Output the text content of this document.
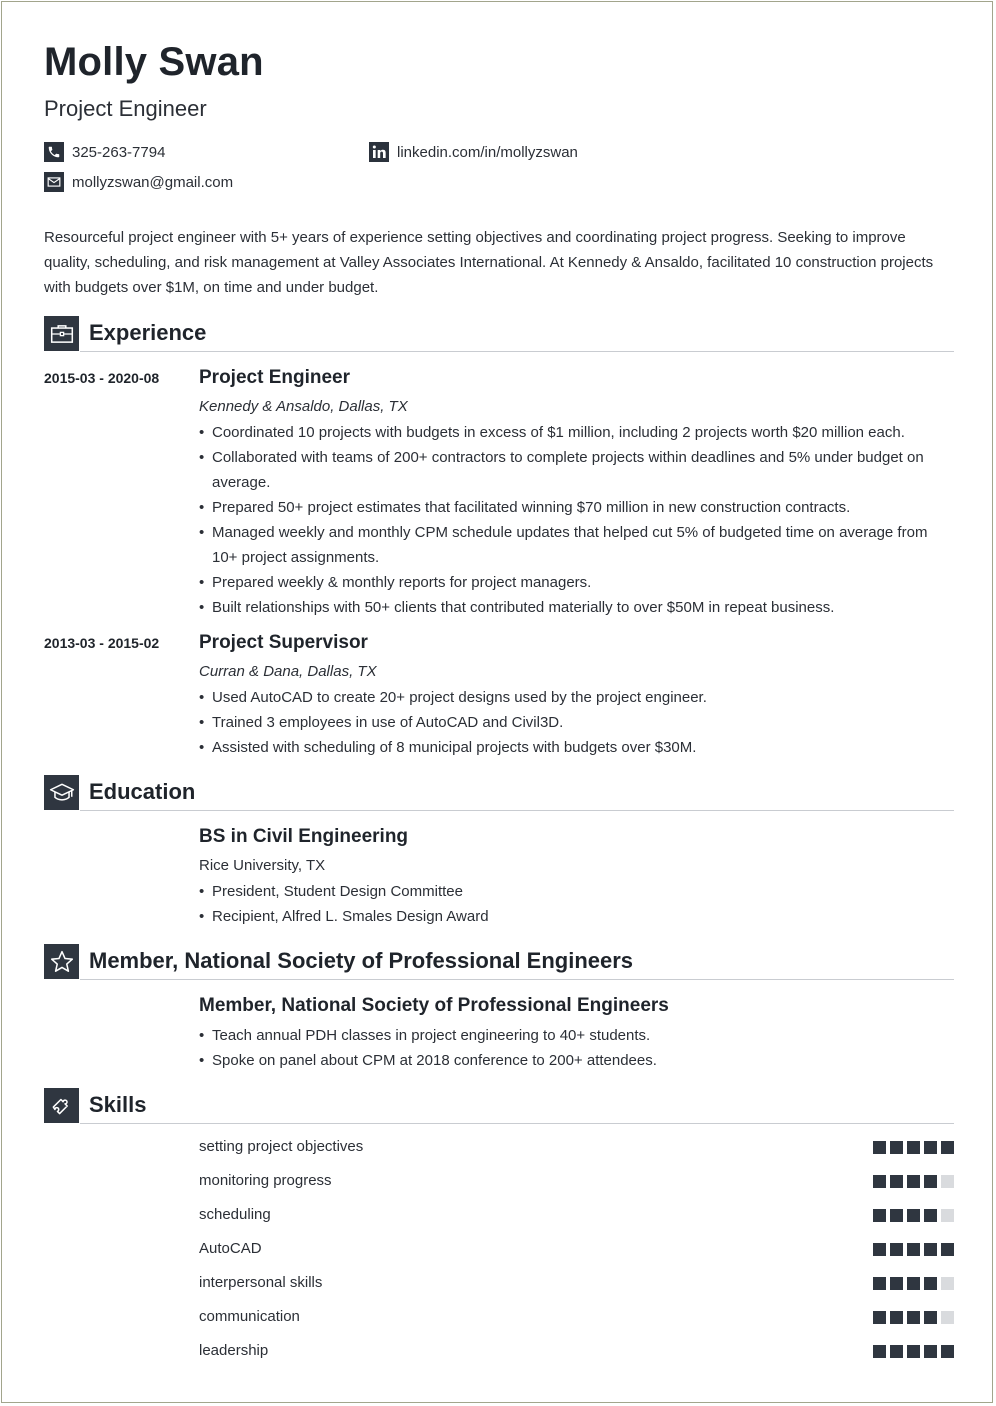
Molly Swan
Project Engineer
325-263-7794	linkedin.com/in/mollyzswan
mollyzswan@gmail.com
Resourceful project engineer with 5+ years of experience setting objectives and coordinating project progress. Seeking to improve quality, scheduling, and risk management at Valley Associates International. At Kennedy & Ansaldo, facilitated 10 construction projects with budgets over $1M, on time and under budget.
Experience
2015-03 - 2020-08 Project Engineer
Kennedy & Ansaldo, Dallas, TX
• Coordinated 10 projects with budgets in excess of $1 million, including 2 projects worth $20 million each.
• Collaborated with teams of 200+ contractors to complete projects within deadlines and 5% under budget on average.
• Prepared 50+ project estimates that facilitated winning $70 million in new construction contracts.
• Managed weekly and monthly CPM schedule updates that helped cut 5% of budgeted time on average from 10+ project assignments.
• Prepared weekly & monthly reports for project managers.
• Built relationships with 50+ clients that contributed materially to over $50M in repeat business.
2013-03 - 2015-02 Project Supervisor
Curran & Dana, Dallas, TX
• Used AutoCAD to create 20+ project designs used by the project engineer.
• Trained 3 employees in use of AutoCAD and Civil3D.
• Assisted with scheduling of 8 municipal projects with budgets over $30M.
Education
BS in Civil Engineering
Rice University, TX
• President, Student Design Committee
• Recipient, Alfred L. Smales Design Award
Member, National Society of Professional Engineers
Member, National Society of Professional Engineers
• Teach annual PDH classes in project engineering to 40+ students.
• Spoke on panel about CPM at 2018 conference to 200+ attendees.
Skills
setting project objectives
monitoring progress
scheduling
AutoCAD
interpersonal skills
communication
leadership
